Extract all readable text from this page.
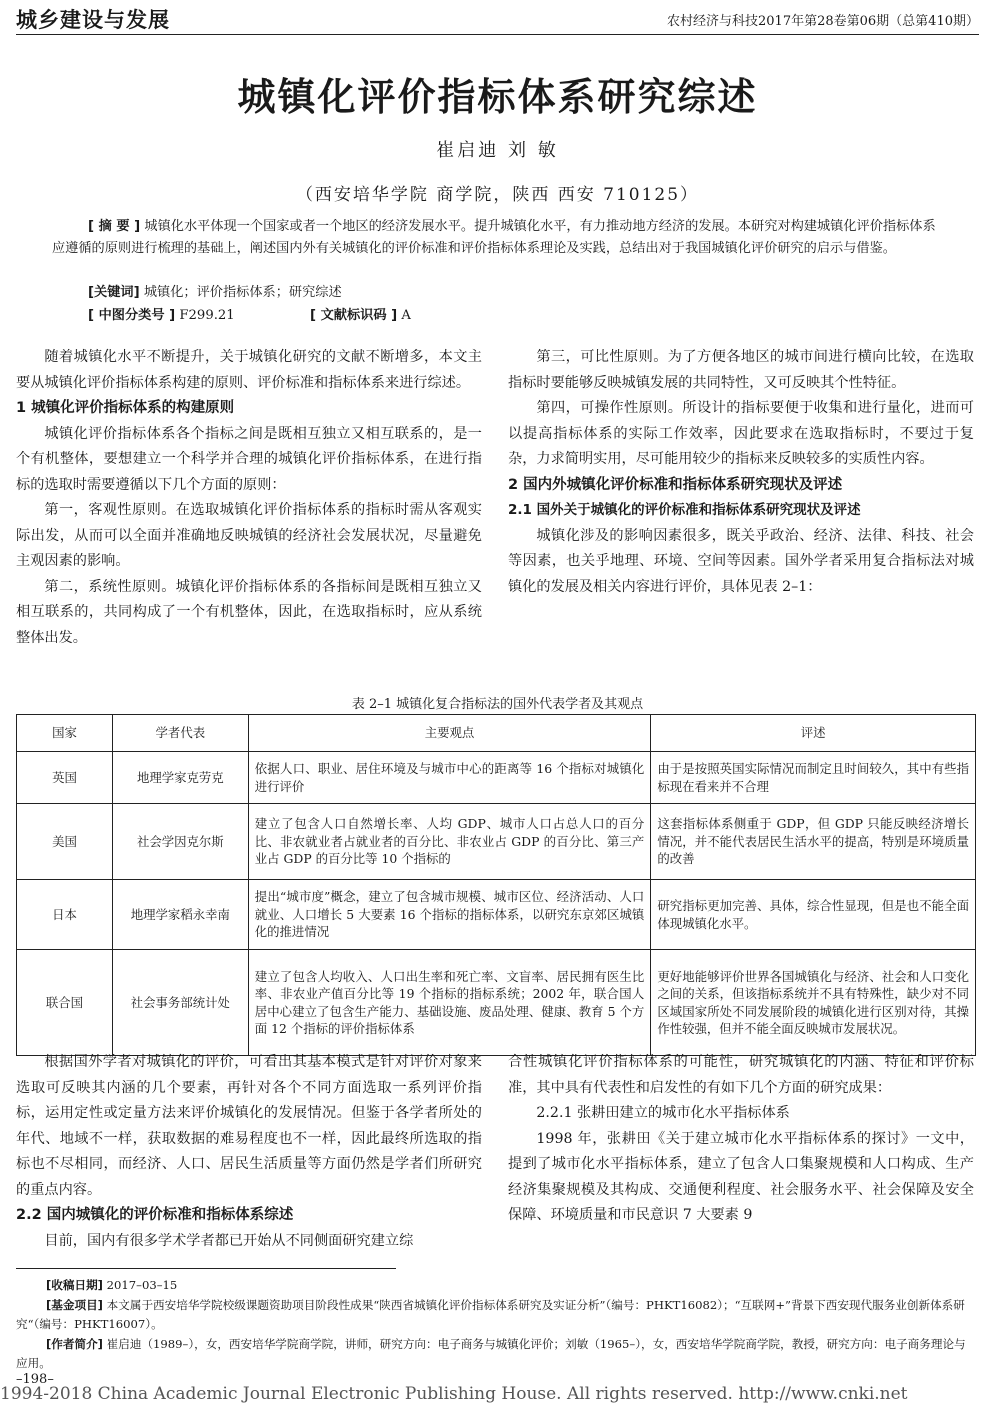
城乡建设与发展	农村经济与科技2017年第28卷第06期（总第410期）
城镇化评价指标体系研究综述
崔启迪 刘 敏
（西安培华学院 商学院，陕西 西安 710125）

[ 摘 要 ] 城镇化水平体现一个国家或者一个地区的经济发展水平。提升城镇化水平，有力推动地方经济的发展。本研究对构建城镇化评价指标体系应遵循的原则进行梳理的基础上，阐述国内外有关城镇化的评价标准和评价指标体系理论及实践，总结出对于我国城镇化评价研究的启示与借鉴。

[关键词] 城镇化；评价指标体系；研究综述
[ 中图分类号 ] F299.21	[ 文献标识码 ] A

随着城镇化水平不断提升，关于城镇化研究的文献不断增多，本文主要从城镇化评价指标体系构建的原则、评价标准和指标体系来进行综述。

1 城镇化评价指标体系的构建原则

城镇化评价指标体系各个指标之间是既相互独立又相互联系的，是一个有机整体，要想建立一个科学并合理的城镇化评价指标体系，在进行指标的选取时需要遵循以下几个方面的原则：

第一，客观性原则。在选取城镇化评价指标体系的指标时需从客观实际出发，从而可以全面并准确地反映城镇的经济社会发展状况，尽量避免主观因素的影响。

第二，系统性原则。城镇化评价指标体系的各指标间是既相互独立又相互联系的，共同构成了一个有机整体，因此，在选取指标时，应从系统整体出发。

第三，可比性原则。为了方便各地区的城市间进行横向比较，在选取指标时要能够反映城镇发展的共同特性，又可反映其个性特征。

第四，可操作性原则。所设计的指标要便于收集和进行量化，进而可以提高指标体系的实际工作效率，因此要求在选取指标时，不要过于复杂，力求简明实用，尽可能用较少的指标来反映较多的实质性内容。

2 国内外城镇化评价标准和指标体系研究现状及评述
2.1 国外关于城镇化的评价标准和指标体系研究现状及评述

城镇化涉及的影响因素很多，既关乎政治、经济、法律、科技、社会等因素，也关乎地理、环境、空间等因素。国外学者采用复合指标法对城镇化的发展及相关内容进行评价，具体见表 2–1：

表 2–1 城镇化复合指标法的国外代表学者及其观点
国家	学者代表	主要观点	评述
英国	地理学家克劳克	依据人口、职业、居住环境及与城市中心的距离等 16 个指标对城镇化进行评价	由于是按照英国实际情况而制定且时间较久，其中有些指标现在看来并不合理
美国	社会学因克尔斯	建立了包含人口自然增长率、人均 GDP、城市人口占总人口的百分比、非农就业者占就业者的百分比、非农业占 GDP 的百分比、第三产业占 GDP 的百分比等 10 个指标的	这套指标体系侧重于 GDP，但 GDP 只能反映经济增长情况，并不能代表居民生活水平的提高，特别是环境质量的改善
日本	地理学家稻永幸南	提出“城市度”概念，建立了包含城市规模、城市区位、经济活动、人口就业、人口增长 5 大要素 16 个指标的指标体系，以研究东京郊区城镇化的推进情况	研究指标更加完善、具体，综合性显现，但是也不能全面体现城镇化水平。
联合国	社会事务部统计处	建立了包含人均收入、人口出生率和死亡率、文盲率、居民拥有医生比率、非农业产值百分比等 19 个指标的指标系统；2002 年，联合国人居中心建立了包含生产能力、基础设施、废品处理、健康、教育 5 个方面 12 个指标的评价指标体系	更好地能够评价世界各国城镇化与经济、社会和人口变化之间的关系，但该指标系统并不具有特殊性，缺少对不同区域国家所处不同发展阶段的城镇化进行区别对待，其操作性较强，但并不能全面反映城市发展状况。

根据国外学者对城镇化的评价，可看出其基本模式是针对评价对象来选取可反映其内涵的几个要素，再针对各个不同方面选取一系列评价指标，运用定性或定量方法来评价城镇化的发展情况。但鉴于各学者所处的年代、地域不一样，获取数据的难易程度也不一样，因此最终所选取的指标也不尽相同，而经济、人口、居民生活质量等方面仍然是学者们所研究的重点内容。

2.2 国内城镇化的评价标准和指标体系综述

目前，国内有很多学术学者都已开始从不同侧面研究建立综

合性城镇化评价指标体系的可能性，研究城镇化的内涵、特征和评价标准，其中具有代表性和启发性的有如下几个方面的研究成果：

2.2.1 张耕田建立的城市化水平指标体系

1998 年，张耕田《关于建立城市化水平指标体系的探讨》一文中，提到了城市化水平指标体系，建立了包含人口集聚规模和人口构成、生产经济集聚规模及其构成、交通便利程度、社会服务水平、社会保障及安全保障、环境质量和市民意识 7 大要素 9

[收稿日期] 2017–03–15

[基金项目] 本文属于西安培华学院校级课题资助项目阶段性成果“陕西省城镇化评价指标体系研究及实证分析”（编号：PHKT16082）；“互联网+”背景下西安现代服务业创新体系研究“（编号：PHKT16007）。

[作者简介] 崔启迪（1989–），女，西安培华学院商学院，讲师，研究方向：电子商务与城镇化评价；刘敏（1965–），女，西安培华学院商学院，教授，研究方向：电子商务理论与应用。

–198–
1994-2018 China Academic Journal Electronic Publishing House. All rights reserved. http://www.cnki.net
